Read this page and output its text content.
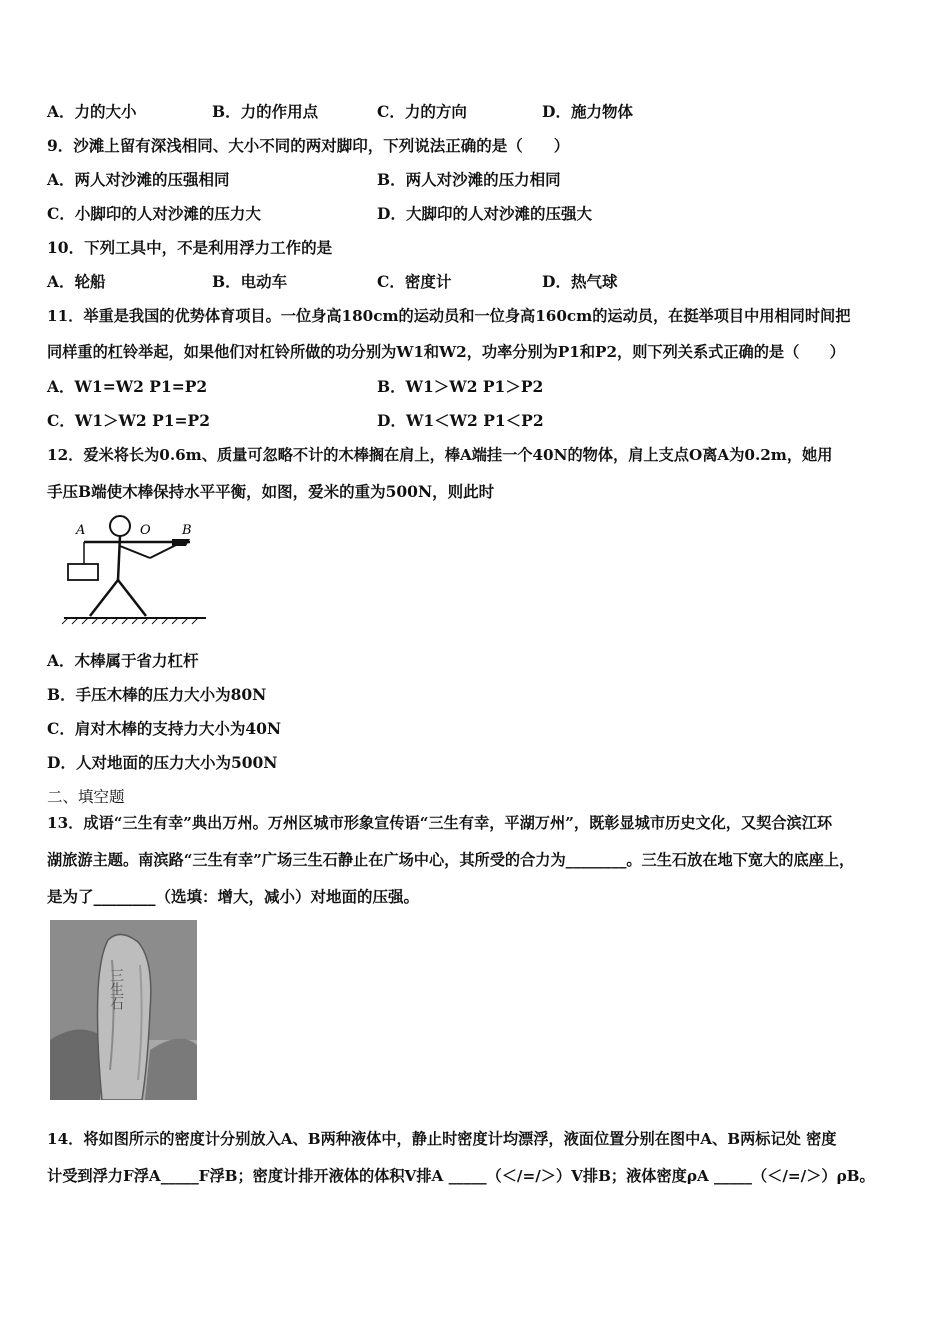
A．力的大小	B．力的作用点	C．力的方向	D．施力物体
9．沙滩上留有深浅相同、大小不同的两对脚印，下列说法正确的是（　　）
A．两人对沙滩的压强相同	B．两人对沙滩的压力相同
C．小脚印的人对沙滩的压力大	D．大脚印的人对沙滩的压强大
10．下列工具中，不是利用浮力工作的是
A．轮船	B．电动车	C．密度计	D．热气球
11．举重是我国的优势体育项目。一位身高180cm的运动员和一位身高160cm的运动员，在挺举项目中用相同时间把
同样重的杠铃举起，如果他们对杠铃所做的功分别为W1和W2，功率分别为P1和P2，则下列关系式正确的是（　　）
A．W1=W2 P1=P2	B．W1＞W2 P1＞P2
C．W1＞W2 P1=P2	D．W1＜W2 P1＜P2
12．爱米将长为0.6m、质量可忽略不计的木棒搁在肩上，棒A端挂一个40N的物体，肩上支点O离A为0.2m，她用
手压B端使木棒保持水平平衡，如图，爱米的重为500N，则此时
A	O B
A．木棒属于省力杠杆
B．手压木棒的压力大小为80N
C．肩对木棒的支持力大小为40N
D．人对地面的压力大小为500N
二、填空题
13．成语“三生有幸”典出万州。万州区城市形象宣传语“三生有幸，平湖万州”，既彰显城市历史文化，又契合滨江环
湖旅游主题。南滨路“三生有幸”广场三生石静止在广场中心，其所受的合力为________。三生石放在地下宽大的底座上，
是为了________（选填：增大，减小）对地面的压强。
三生石
14．将如图所示的密度计分别放入A、B两种液体中，静止时密度计均漂浮，液面位置分别在图中A、B两标记处 密度
计受到浮力F浮A_____F浮B；密度计排开液体的体积V排A _____（＜/=/＞）V排B；液体密度ρA _____（＜/=/＞）ρB。
